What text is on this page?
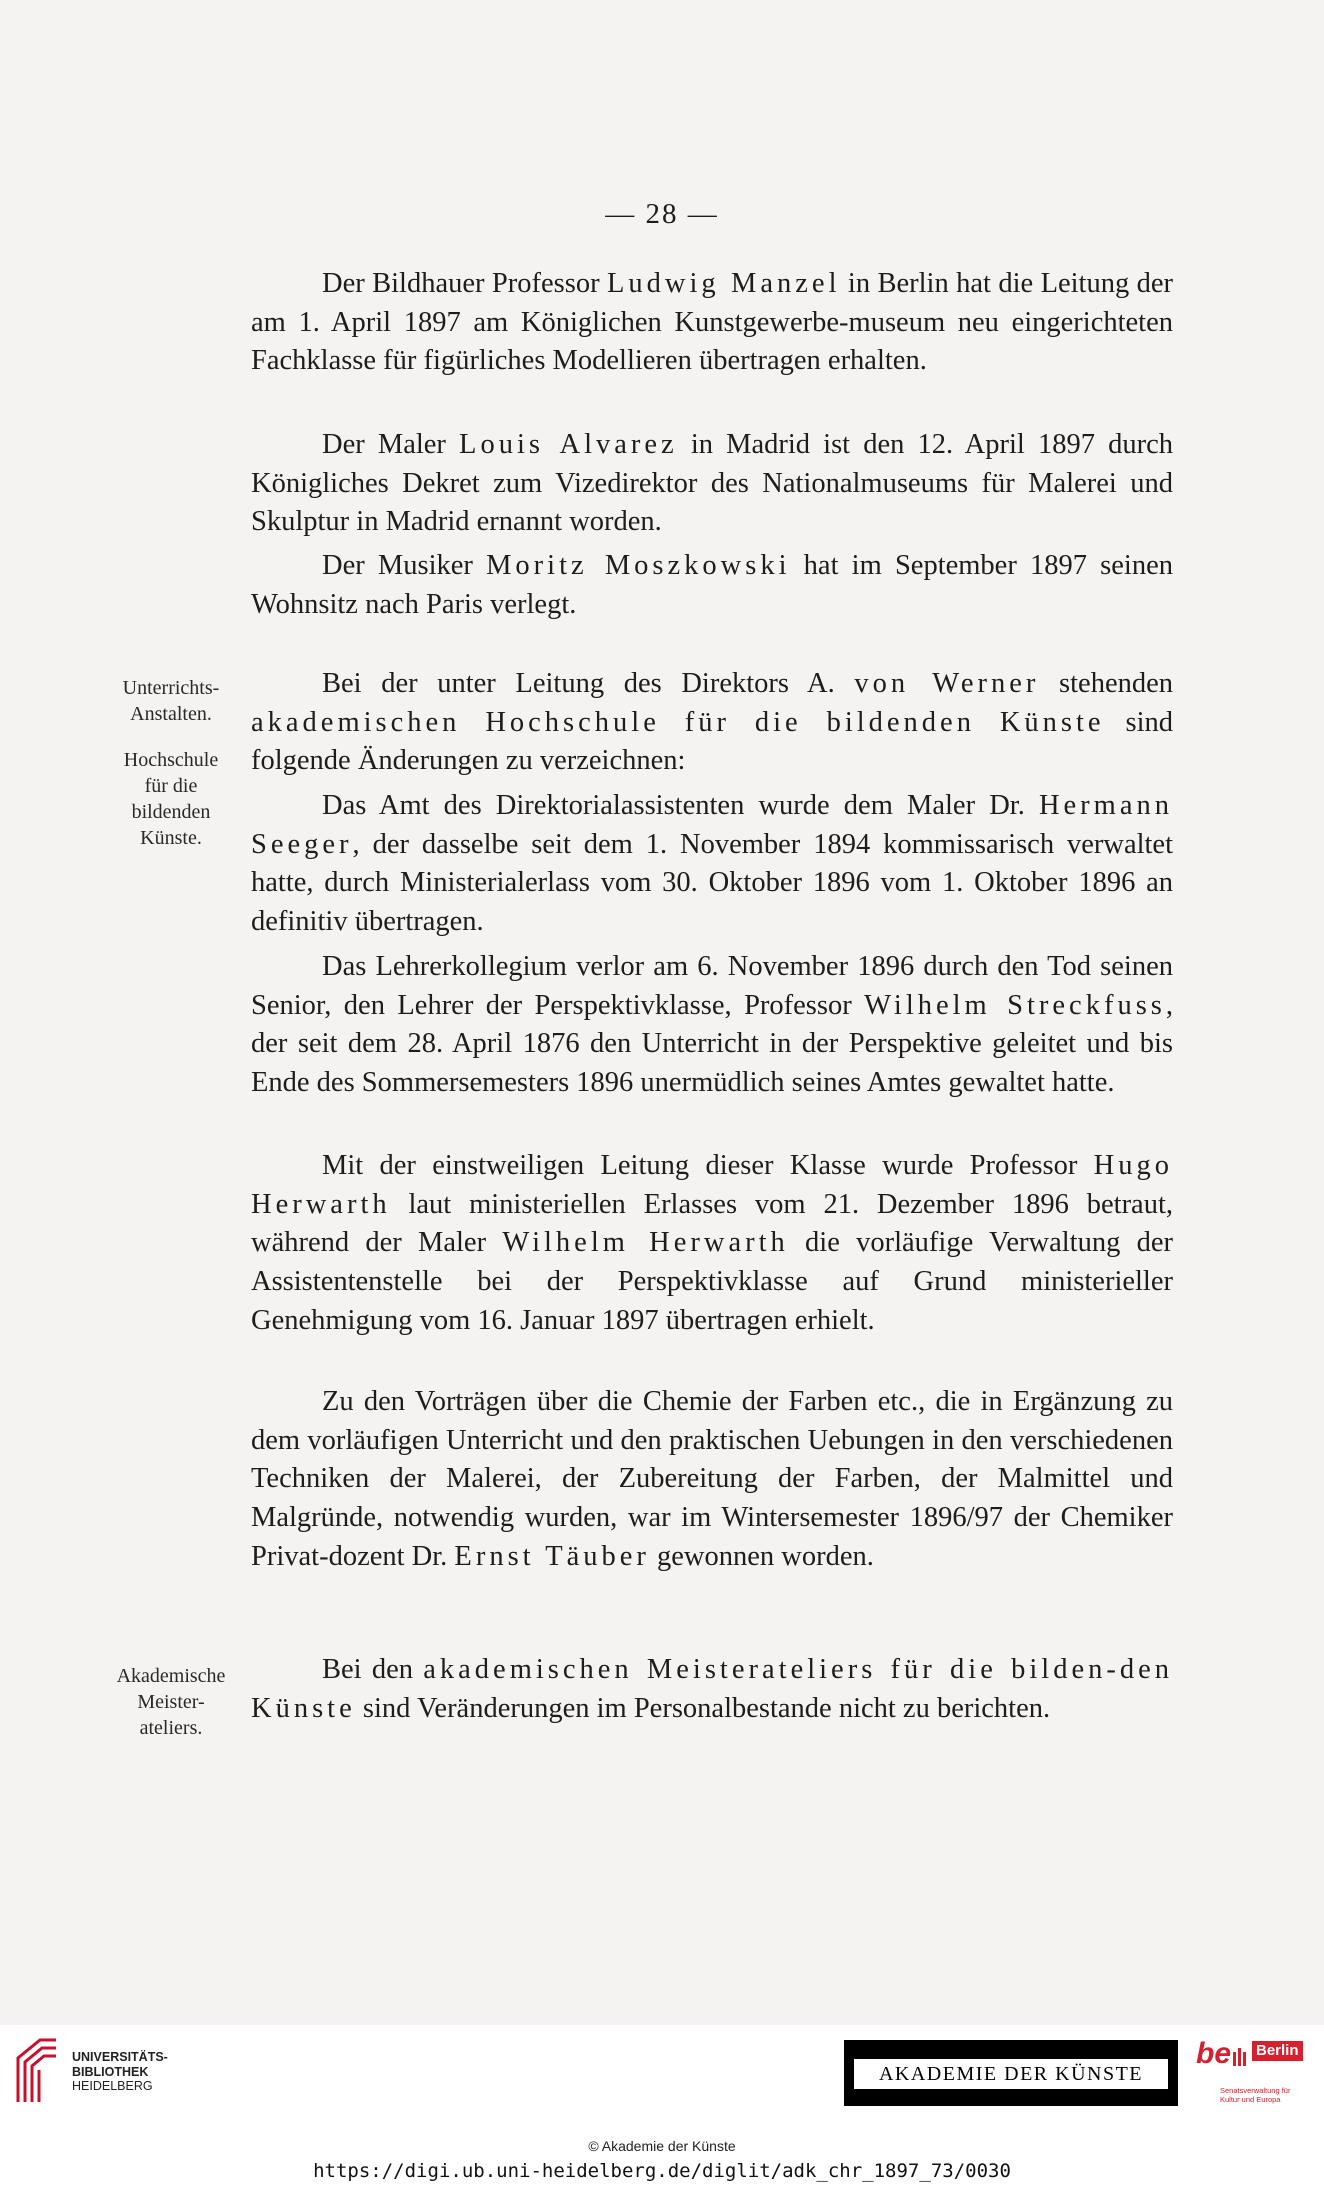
— 28 —

Der Bildhauer Professor Ludwig Manzel in Berlin hat die Leitung der am 1. April 1897 am Königlichen Kunstgewerbe-museum neu eingerichteten Fachklasse für figürliches Modellieren übertragen erhalten.

Der Maler Louis Alvarez in Madrid ist den 12. April 1897 durch Königliches Dekret zum Vizedirektor des Nationalmuseums für Malerei und Skulptur in Madrid ernannt worden.

Der Musiker Moritz Moszkowski hat im September 1897 seinen Wohnsitz nach Paris verlegt.

Bei der unter Leitung des Direktors A. von Werner stehenden akademischen Hochschule für die bildenden Künste sind folgende Änderungen zu verzeichnen:

Das Amt des Direktorialassistenten wurde dem Maler Dr. Hermann Seeger, der dasselbe seit dem 1. November 1894 kommissarisch verwaltet hatte, durch Ministerialerlass vom 30. Oktober 1896 vom 1. Oktober 1896 an definitiv übertragen.

Das Lehrerkollegium verlor am 6. November 1896 durch den Tod seinen Senior, den Lehrer der Perspektivklasse, Professor Wilhelm Streckfuss, der seit dem 28. April 1876 den Unterricht in der Perspektive geleitet und bis Ende des Sommersemesters 1896 unermüdlich seines Amtes gewaltet hatte.

Mit der einstweiligen Leitung dieser Klasse wurde Professor Hugo Herwarth laut ministeriellen Erlasses vom 21. Dezember 1896 betraut, während der Maler Wilhelm Herwarth die vorläufige Verwaltung der Assistentenstelle bei der Perspektivklasse auf Grund ministerieller Genehmigung vom 16. Januar 1897 übertragen erhielt.

Zu den Vorträgen über die Chemie der Farben etc., die in Ergänzung zu dem vorläufigen Unterricht und den praktischen Uebungen in den verschiedenen Techniken der Malerei, der Zubereitung der Farben, der Malmittel und Malgründe, notwendig wurden, war im Wintersemester 1896/97 der Chemiker Privat-dozent Dr. Ernst Täuber gewonnen worden.

Bei den akademischen Meisterateliers für die bilden-den Künste sind Veränderungen im Personalbestande nicht zu berichten.

Unterrichts-
Anstalten.

Hochschule
für die
bildenden
Künste.

Akademische
Meister-
ateliers.

UNIVERSITÄTS-
BIBLIOTHEK
HEIDELBERG
AKADEMIE DER KÜNSTE
be Berlin
Senatsverwaltung für Kultur und Europa
© Akademie der Künste
https://digi.ub.uni-heidelberg.de/diglit/adk_chr_1897_73/0030
